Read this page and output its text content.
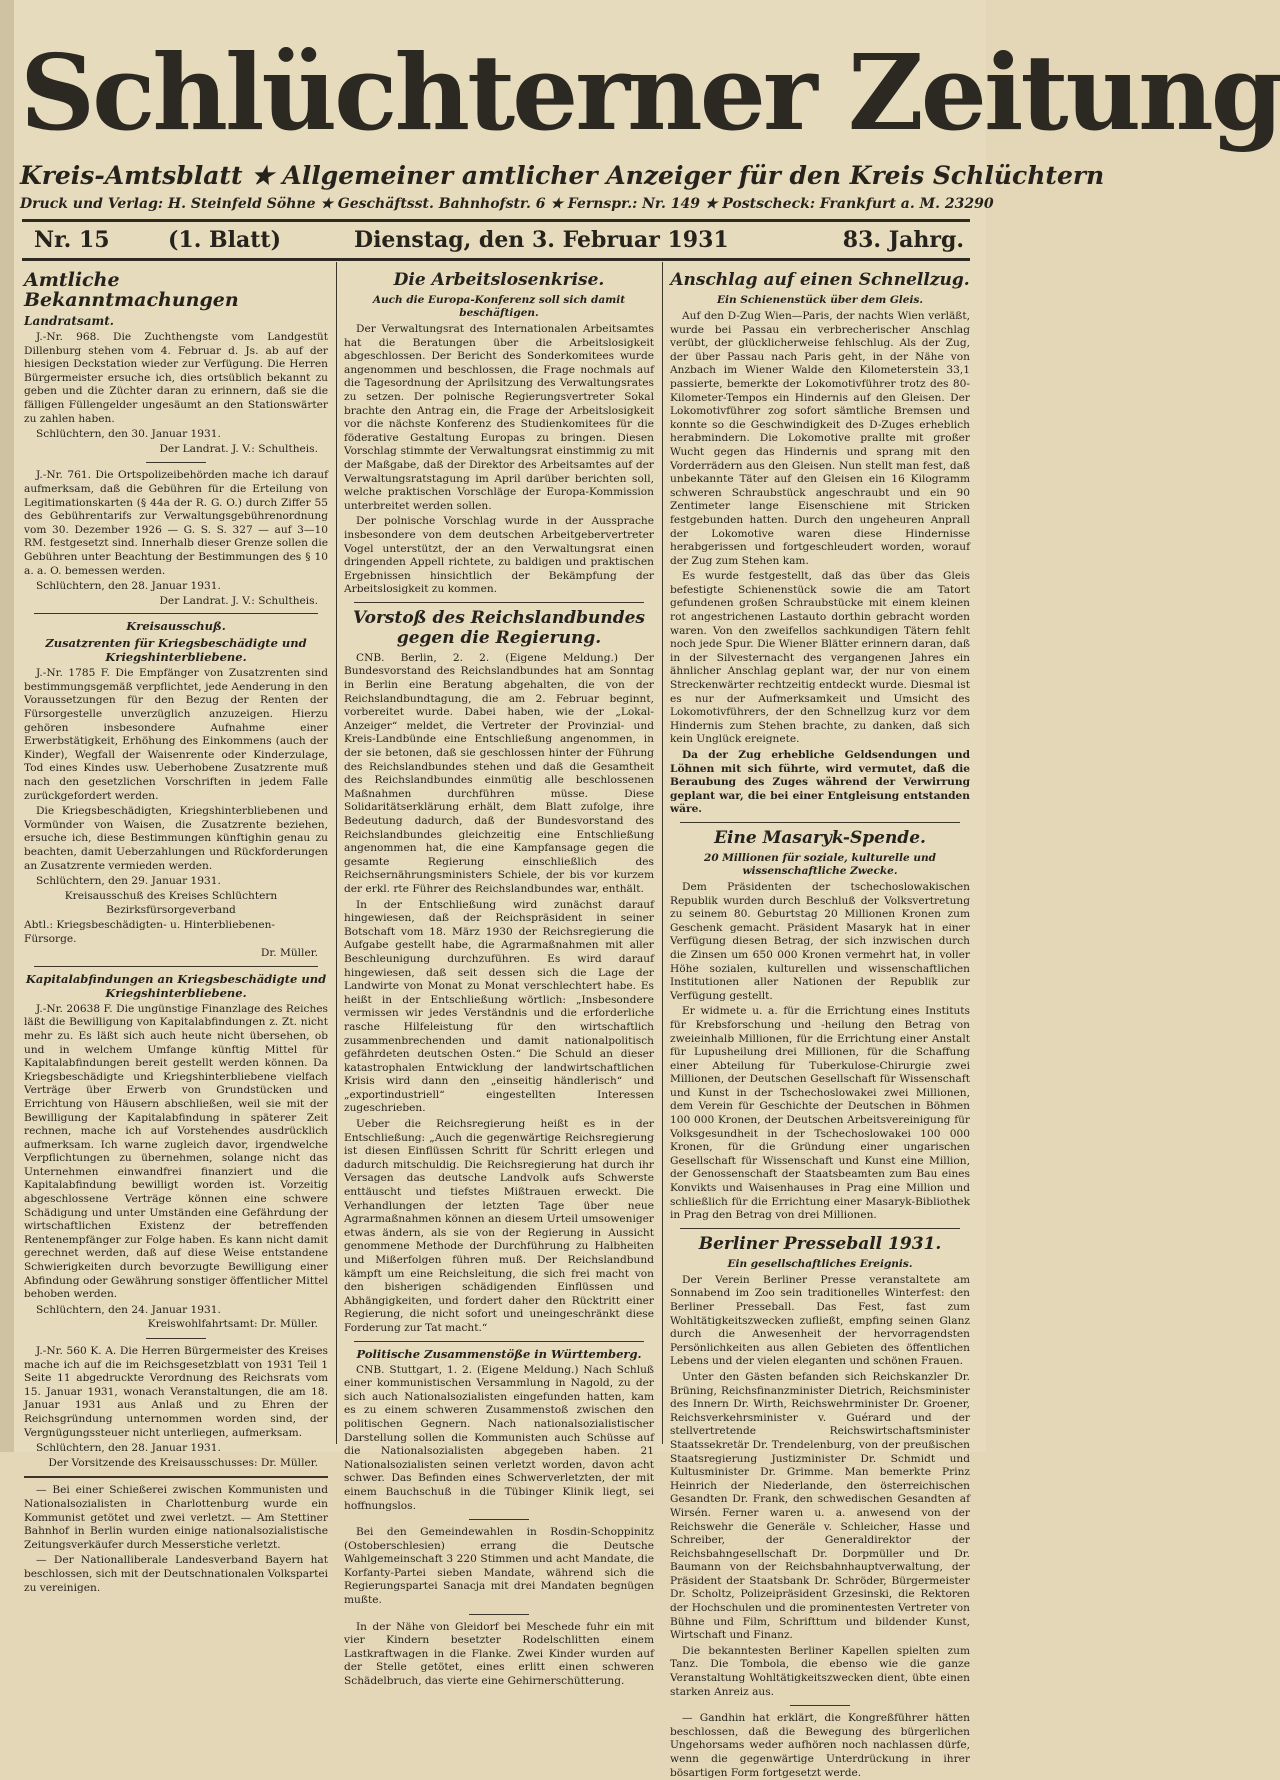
Schlüchterner Zeitung
Kreis-Amtsblatt ★ Allgemeiner amtlicher Anzeiger für den Kreis Schlüchtern
Druck und Verlag: H. Steinfeld Söhne ★ Geschäftsst. Bahnhofstr. 6 ★ Fernspr.: Nr. 149 ★ Postscheck: Frankfurt a. M. 23290
Nr. 15	(1. Blatt)	Dienstag, den 3. Februar 1931	83. Jahrg.
Amtliche Bekanntmachungen
Landratsamt.

J.-Nr. 968. Die Zuchthengste vom Landgestüt Dillenburg stehen vom 4. Februar d. Js. ab auf der hiesigen Deckstation wieder zur Verfügung. Die Herren Bürgermeister ersuche ich, dies ortsüblich bekannt zu geben und die Züchter daran zu erinnern, daß sie die fälligen Füllengelder ungesäumt an den Stationswärter zu zahlen haben.

Schlüchtern, den 30. Januar 1931.

Der Landrat. J. V.: Schultheis.

J.-Nr. 761. Die Ortspolizeibehörden mache ich darauf aufmerksam, daß die Gebühren für die Erteilung von Legitimationskarten (§ 44a der R. G. O.) durch Ziffer 55 des Gebührentarifs zur Verwaltungsgebührenordnung vom 30. Dezember 1926 — G. S. S. 327 — auf 3—10 RM. festgesetzt sind. Innerhalb dieser Grenze sollen die Gebühren unter Beachtung der Bestimmungen des § 10 a. a. O. bemessen werden.

Schlüchtern, den 28. Januar 1931.

Der Landrat. J. V.: Schultheis.

Kreisausschuß.
Zusatzrenten für Kriegsbeschädigte und Kriegshinterbliebene.

J.-Nr. 1785 F. Die Empfänger von Zusatzrenten sind bestimmungsgemäß verpflichtet, jede Aenderung in den Voraussetzungen für den Bezug der Renten der Fürsorgestelle unverzüglich anzuzeigen. Hierzu gehören insbesondere Aufnahme einer Erwerbstätigkeit, Erhöhung des Einkommens (auch der Kinder), Wegfall der Waisenrente oder Kinderzulage, Tod eines Kindes usw. Ueberhobene Zusatzrente muß nach den gesetzlichen Vorschriften in jedem Falle zurückgefordert werden.

Die Kriegsbeschädigten, Kriegshinterbliebenen und Vormünder von Waisen, die Zusatzrente beziehen, ersuche ich, diese Bestimmungen künftighin genau zu beachten, damit Ueberzahlungen und Rückforderungen an Zusatzrente vermieden werden.

Schlüchtern, den 29. Januar 1931.

Kreisausschuß des Kreises Schlüchtern

Bezirksfürsorgeverband

Abtl.: Kriegsbeschädigten- u. Hinterbliebenen-Fürsorge.

Dr. Müller.

Kapitalabfindungen an Kriegsbeschädigte und Kriegshinterbliebene.

J.-Nr. 20638 F. Die ungünstige Finanzlage des Reiches läßt die Bewilligung von Kapitalabfindungen z. Zt. nicht mehr zu. Es läßt sich auch heute nicht übersehen, ob und in welchem Umfange künftig Mittel für Kapitalabfindungen bereit gestellt werden können. Da Kriegsbeschädigte und Kriegshinterbliebene vielfach Verträge über Erwerb von Grundstücken und Errichtung von Häusern abschließen, weil sie mit der Bewilligung der Kapitalabfindung in späterer Zeit rechnen, mache ich auf Vorstehendes ausdrücklich aufmerksam. Ich warne zugleich davor, irgendwelche Verpflichtungen zu übernehmen, solange nicht das Unternehmen einwandfrei finanziert und die Kapitalabfindung bewilligt worden ist. Vorzeitig abgeschlossene Verträge können eine schwere Schädigung und unter Umständen eine Gefährdung der wirtschaftlichen Existenz der betreffenden Rentenempfänger zur Folge haben. Es kann nicht damit gerechnet werden, daß auf diese Weise entstandene Schwierigkeiten durch bevorzugte Bewilligung einer Abfindung oder Gewährung sonstiger öffentlicher Mittel behoben werden.

Schlüchtern, den 24. Januar 1931.

Kreiswohlfahrtsamt: Dr. Müller.

J.-Nr. 560 K. A. Die Herren Bürgermeister des Kreises mache ich auf die im Reichsgesetzblatt von 1931 Teil 1 Seite 11 abgedruckte Verordnung des Reichsrats vom 15. Januar 1931, wonach Veranstaltungen, die am 18. Januar 1931 aus Anlaß und zu Ehren der Reichsgründung unternommen worden sind, der Vergnügungssteuer nicht unterliegen, aufmerksam.

Schlüchtern, den 28. Januar 1931.

Der Vorsitzende des Kreisausschusses: Dr. Müller.

— Bei einer Schießerei zwischen Kommunisten und Nationalsozialisten in Charlottenburg wurde ein Kommunist getötet und zwei verletzt. — Am Stettiner Bahnhof in Berlin wurden einige nationalsozialistische Zeitungsverkäufer durch Messerstiche verletzt.

— Der Nationalliberale Landesverband Bayern hat beschlossen, sich mit der Deutschnationalen Volkspartei zu vereinigen.

Die Arbeitslosenkrise.
Auch die Europa-Konferenz soll sich damit beschäftigen.

Der Verwaltungsrat des Internationalen Arbeitsamtes hat die Beratungen über die Arbeitslosigkeit abgeschlossen. Der Bericht des Sonderkomitees wurde angenommen und beschlossen, die Frage nochmals auf die Tagesordnung der Aprilsitzung des Verwaltungsrates zu setzen. Der polnische Regierungsvertreter Sokal brachte den Antrag ein, die Frage der Arbeitslosigkeit vor die nächste Konferenz des Studienkomitees für die föderative Gestaltung Europas zu bringen. Diesen Vorschlag stimmte der Verwaltungsrat einstimmig zu mit der Maßgabe, daß der Direktor des Arbeitsamtes auf der Verwaltungsratstagung im April darüber berichten soll, welche praktischen Vorschläge der Europa-Kommission unterbreitet werden sollen.

Der polnische Vorschlag wurde in der Aussprache insbesondere von dem deutschen Arbeitgebervertreter Vogel unterstützt, der an den Verwaltungsrat einen dringenden Appell richtete, zu baldigen und praktischen Ergebnissen hinsichtlich der Bekämpfung der Arbeitslosigkeit zu kommen.

Vorstoß des Reichslandbundes gegen die Regierung.

CNB. Berlin, 2. 2. (Eigene Meldung.) Der Bundesvorstand des Reichslandbundes hat am Sonntag in Berlin eine Beratung abgehalten, die von der Reichslandbundtagung, die am 2. Februar beginnt, vorbereitet wurde. Dabei haben, wie der „Lokal-Anzeiger“ meldet, die Vertreter der Provinzial- und Kreis-Landbünde eine Entschließung angenommen, in der sie betonen, daß sie geschlossen hinter der Führung des Reichslandbundes stehen und daß die Gesamtheit des Reichslandbundes einmütig alle beschlossenen Maßnahmen durchführen müsse. Diese Solidaritätserklärung erhält, dem Blatt zufolge, ihre Bedeutung dadurch, daß der Bundesvorstand des Reichslandbundes gleichzeitig eine Entschließung angenommen hat, die eine Kampfansage gegen die gesamte Regierung einschließlich des Reichsernährungsministers Schiele, der bis vor kurzem der erkl. rte Führer des Reichslandbundes war, enthält.

In der Entschließung wird zunächst darauf hingewiesen, daß der Reichspräsident in seiner Botschaft vom 18. März 1930 der Reichsregierung die Aufgabe gestellt habe, die Agrarmaßnahmen mit aller Beschleunigung durchzuführen. Es wird darauf hingewiesen, daß seit dessen sich die Lage der Landwirte von Monat zu Monat verschlechtert habe. Es heißt in der Entschließung wörtlich: „Insbesondere vermissen wir jedes Verständnis und die erforderliche rasche Hilfeleistung für den wirtschaftlich zusammenbrechenden und damit nationalpolitisch gefährdeten deutschen Osten.“ Die Schuld an dieser katastrophalen Entwicklung der landwirtschaftlichen Krisis wird dann den „einseitig händlerisch“ und „exportindustriell“ eingestellten Interessen zugeschrieben.

Ueber die Reichsregierung heißt es in der Entschließung: „Auch die gegenwärtige Reichsregierung ist diesen Einflüssen Schritt für Schritt erlegen und dadurch mitschuldig. Die Reichsregierung hat durch ihr Versagen das deutsche Landvolk aufs Schwerste enttäuscht und tiefstes Mißtrauen erweckt. Die Verhandlungen der letzten Tage über neue Agrarmaßnahmen können an diesem Urteil umsoweniger etwas ändern, als sie von der Regierung in Aussicht genommene Methode der Durchführung zu Halbheiten und Mißerfolgen führen muß. Der Reichslandbund kämpft um eine Reichsleitung, die sich frei macht von den bisherigen schädigenden Einflüssen und Abhängigkeiten, und fordert daher den Rücktritt einer Regierung, die nicht sofort und uneingeschränkt diese Forderung zur Tat macht.“

Politische Zusammenstöße in Württemberg.

CNB. Stuttgart, 1. 2. (Eigene Meldung.) Nach Schluß einer kommunistischen Versammlung in Nagold, zu der sich auch Nationalsozialisten eingefunden hatten, kam es zu einem schweren Zusammenstoß zwischen den politischen Gegnern. Nach nationalsozialistischer Darstellung sollen die Kommunisten auch Schüsse auf die Nationalsozialisten abgegeben haben. 21 Nationalsozialisten seinen verletzt worden, davon acht schwer. Das Befinden eines Schwerverletzten, der mit einem Bauchschuß in die Tübinger Klinik liegt, sei hoffnungslos.

Bei den Gemeindewahlen in Rosdin-Schoppinitz (Ostoberschlesien) errang die Deutsche Wahlgemeinschaft 3 220 Stimmen und acht Mandate, die Korfanty-Partei sieben Mandate, während sich die Regierungspartei Sanacja mit drei Mandaten begnügen mußte.

In der Nähe von Gleidorf bei Meschede fuhr ein mit vier Kindern besetzter Rodelschlitten einem Lastkraftwagen in die Flanke. Zwei Kinder wurden auf der Stelle getötet, eines erlitt einen schweren Schädelbruch, das vierte eine Gehirnerschütterung.

Anschlag auf einen Schnellzug.
Ein Schienenstück über dem Gleis.

Auf den D-Zug Wien—Paris, der nachts Wien verläßt, wurde bei Passau ein verbrecherischer Anschlag verübt, der glücklicherweise fehlschlug. Als der Zug, der über Passau nach Paris geht, in der Nähe von Anzbach im Wiener Walde den Kilometerstein 33,1 passierte, bemerkte der Lokomotivführer trotz des 80-Kilometer-Tempos ein Hindernis auf den Gleisen. Der Lokomotivführer zog sofort sämtliche Bremsen und konnte so die Geschwindigkeit des D-Zuges erheblich herabmindern. Die Lokomotive prallte mit großer Wucht gegen das Hindernis und sprang mit den Vorderrädern aus den Gleisen. Nun stellt man fest, daß unbekannte Täter auf den Gleisen ein 16 Kilogramm schweren Schraubstück angeschraubt und ein 90 Zentimeter lange Eisenschiene mit Stricken festgebunden hatten. Durch den ungeheuren Anprall der Lokomotive waren diese Hindernisse herabgerissen und fortgeschleudert worden, worauf der Zug zum Stehen kam.

Es wurde festgestellt, daß das über das Gleis befestigte Schienenstück sowie die am Tatort gefundenen großen Schraubstücke mit einem kleinen rot angestrichenen Lastauto dorthin gebracht worden waren. Von den zweifellos sachkundigen Tätern fehlt noch jede Spur. Die Wiener Blätter erinnern daran, daß in der Silvesternacht des vergangenen Jahres ein ähnlicher Anschlag geplant war, der nur von einem Streckenwärter rechtzeitig entdeckt wurde. Diesmal ist es nur der Aufmerksamkeit und Umsicht des Lokomotivführers, der den Schnellzug kurz vor dem Hindernis zum Stehen brachte, zu danken, daß sich kein Unglück ereignete.

Da der Zug erhebliche Geldsendungen und Löhnen mit sich führte, wird vermutet, daß die Beraubung des Zuges während der Verwirrung geplant war, die bei einer Entgleisung entstanden wäre.

Eine Masaryk-Spende.
20 Millionen für soziale, kulturelle und wissenschaftliche Zwecke.

Dem Präsidenten der tschechoslowakischen Republik wurden durch Beschluß der Volksvertretung zu seinem 80. Geburtstag 20 Millionen Kronen zum Geschenk gemacht. Präsident Masaryk hat in einer Verfügung diesen Betrag, der sich inzwischen durch die Zinsen um 650 000 Kronen vermehrt hat, in voller Höhe sozialen, kulturellen und wissenschaftlichen Institutionen aller Nationen der Republik zur Verfügung gestellt.

Er widmete u. a. für die Errichtung eines Instituts für Krebsforschung und -heilung den Betrag von zweieinhalb Millionen, für die Errichtung einer Anstalt für Lupusheilung drei Millionen, für die Schaffung einer Abteilung für Tuberkulose-Chirurgie zwei Millionen, der Deutschen Gesellschaft für Wissenschaft und Kunst in der Tschechoslowakei zwei Millionen, dem Verein für Geschichte der Deutschen in Böhmen 100 000 Kronen, der Deutschen Arbeitsvereinigung für Volksgesundheit in der Tschechoslowakei 100 000 Kronen, für die Gründung einer ungarischen Gesellschaft für Wissenschaft und Kunst eine Million, der Genossenschaft der Staatsbeamten zum Bau eines Konvikts und Waisenhauses in Prag eine Million und schließlich für die Errichtung einer Masaryk-Bibliothek in Prag den Betrag von drei Millionen.

Berliner Presseball 1931.
Ein gesellschaftliches Ereignis.

Der Verein Berliner Presse veranstaltete am Sonnabend im Zoo sein traditionelles Winterfest: den Berliner Presseball. Das Fest, fast zum Wohltätigkeitszwecken zufließt, empfing seinen Glanz durch die Anwesenheit der hervorragendsten Persönlichkeiten aus allen Gebieten des öffentlichen Lebens und der vielen eleganten und schönen Frauen.

Unter den Gästen befanden sich Reichskanzler Dr. Brüning, Reichsfinanzminister Dietrich, Reichsminister des Innern Dr. Wirth, Reichswehrminister Dr. Groener, Reichsverkehrsminister v. Guérard und der stellvertretende Reichswirtschaftsminister Staatssekretär Dr. Trendelenburg, von der preußischen Staatsregierung Justizminister Dr. Schmidt und Kultusminister Dr. Grimme. Man bemerkte Prinz Heinrich der Niederlande, den österreichischen Gesandten Dr. Frank, den schwedischen Gesandten af Wirsén. Ferner waren u. a. anwesend von der Reichswehr die Generäle v. Schleicher, Hasse und Schreiber, der Generaldirektor der Reichsbahngesellschaft Dr. Dorpmüller und Dr. Baumann von der Reichsbahnhauptverwaltung, der Präsident der Staatsbank Dr. Schröder, Bürgermeister Dr. Scholtz, Polizeipräsident Grzesinski, die Rektoren der Hochschulen und die prominentesten Vertreter von Bühne und Film, Schrifttum und bildender Kunst, Wirtschaft und Finanz.

Die bekanntesten Berliner Kapellen spielten zum Tanz. Die Tombola, die ebenso wie die ganze Veranstaltung Wohltätigkeitszwecken dient, übte einen starken Anreiz aus.

— Gandhin hat erklärt, die Kongreßführer hätten beschlossen, daß die Bewegung des bürgerlichen Ungehorsams weder aufhören noch nachlassen dürfe, wenn die gegenwärtige Unterdrückung in ihrer bösartigen Form fortgesetzt werde.
